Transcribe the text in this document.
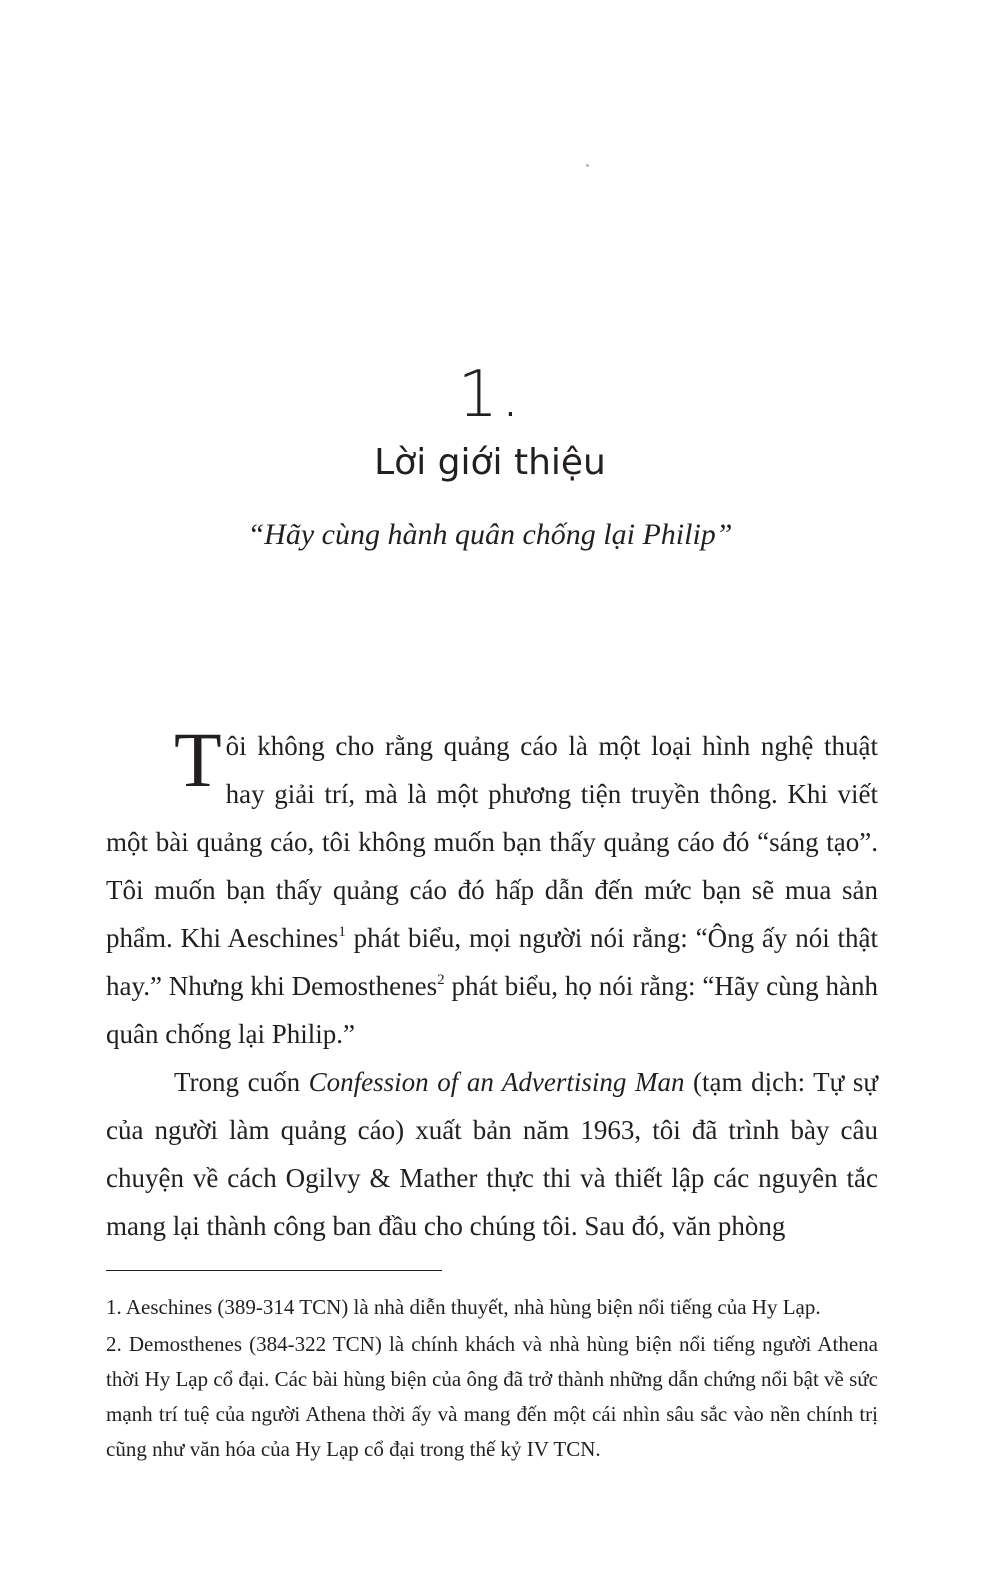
1.
Lời giới thiệu
“Hãy cùng hành quân chống lại Philip”

Tôi không cho rằng quảng cáo là một loại hình nghệ thuật hay giải trí, mà là một phương tiện truyền thông. Khi viết một bài quảng cáo, tôi không muốn bạn thấy quảng cáo đó “sáng tạo”. Tôi muốn bạn thấy quảng cáo đó hấp dẫn đến mức bạn sẽ mua sản phẩm. Khi Aeschines$^1$ phát biểu, mọi người nói rằng: “Ông ấy nói thật hay.” Nhưng khi Demosthenes$^2$ phát biểu, họ nói rằng: “Hãy cùng hành quân chống lại Philip.”

Trong cuốn Confession of an Advertising Man (tạm dịch: Tự sự của người làm quảng cáo) xuất bản năm 1963, tôi đã trình bày câu chuyện về cách Ogilvy & Mather thực thi và thiết lập các nguyên tắc mang lại thành công ban đầu cho chúng tôi. Sau đó, văn phòng

1. Aeschines (389-314 TCN) là nhà diễn thuyết, nhà hùng biện nổi tiếng của Hy Lạp.

2. Demosthenes (384-322 TCN) là chính khách và nhà hùng biện nổi tiếng người Athena thời Hy Lạp cổ đại. Các bài hùng biện của ông đã trở thành những dẫn chứng nổi bật về sức mạnh trí tuệ của người Athena thời ấy và mang đến một cái nhìn sâu sắc vào nền chính trị cũng như văn hóa của Hy Lạp cổ đại trong thế kỷ IV TCN.
